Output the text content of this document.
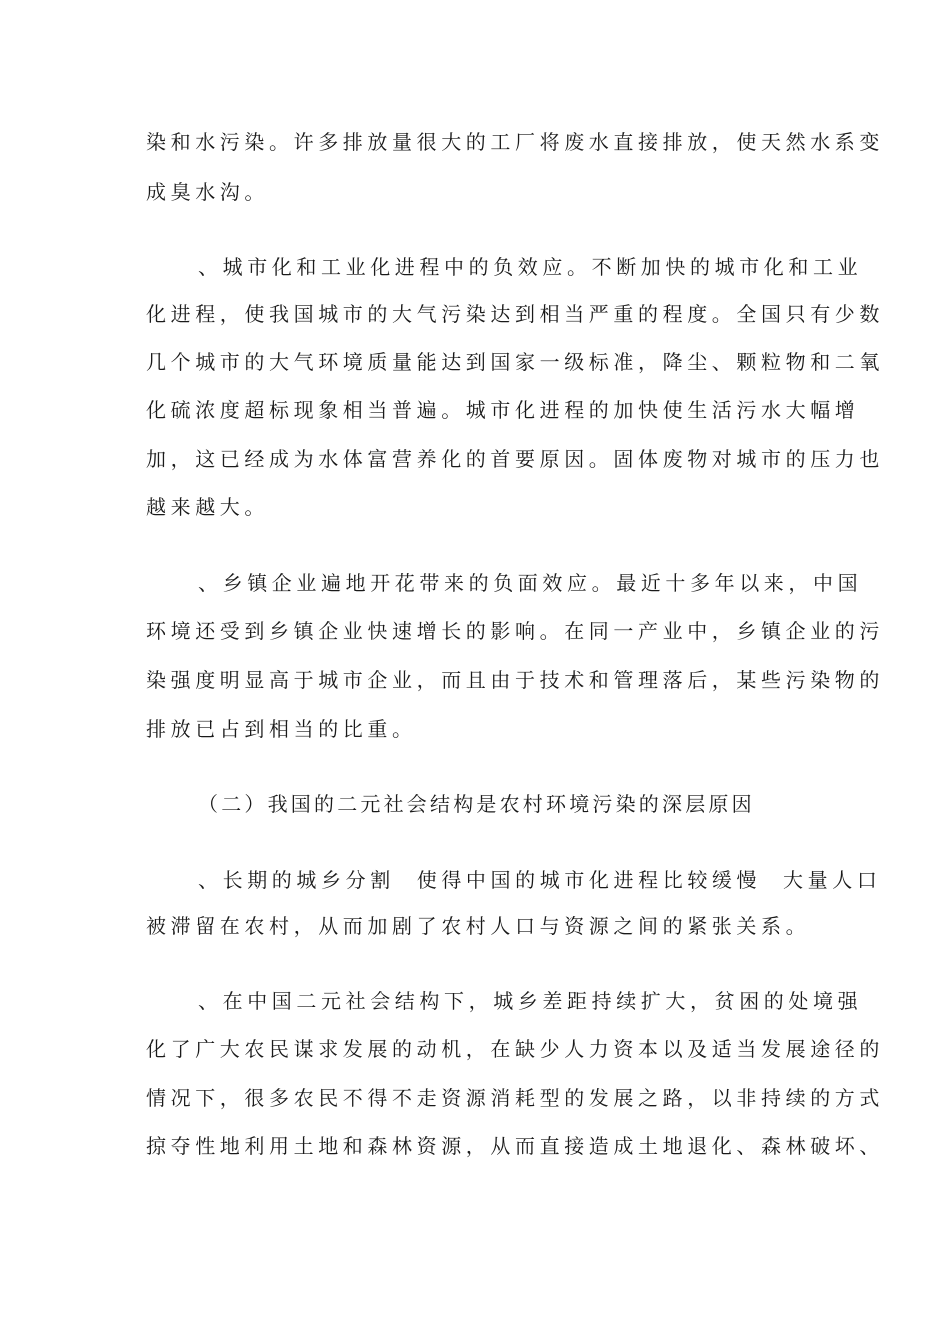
染和水污染。许多排放量很大的工厂将废水直接排放，使天然水系变
成臭水沟。
、城市化和工业化进程中的负效应。不断加快的城市化和工业
化进程，使我国城市的大气污染达到相当严重的程度。全国只有少数
几个城市的大气环境质量能达到国家一级标准，降尘、颗粒物和二氧
化硫浓度超标现象相当普遍。城市化进程的加快使生活污水大幅增
加，这已经成为水体富营养化的首要原因。固体废物对城市的压力也
越来越大。
、乡镇企业遍地开花带来的负面效应。最近十多年以来，中国
环境还受到乡镇企业快速增长的影响。在同一产业中，乡镇企业的污
染强度明显高于城市企业，而且由于技术和管理落后，某些污染物的
排放已占到相当的比重。
（二）我国的二元社会结构是农村环境污染的深层原因
、长期的城乡分割  使得中国的城市化进程比较缓慢  大量人口
被滞留在农村，从而加剧了农村人口与资源之间的紧张关系。
、在中国二元社会结构下，城乡差距持续扩大，贫困的处境强
化了广大农民谋求发展的动机，在缺少人力资本以及适当发展途径的
情况下，很多农民不得不走资源消耗型的发展之路，以非持续的方式
掠夺性地利用土地和森林资源，从而直接造成土地退化、森林破坏、
